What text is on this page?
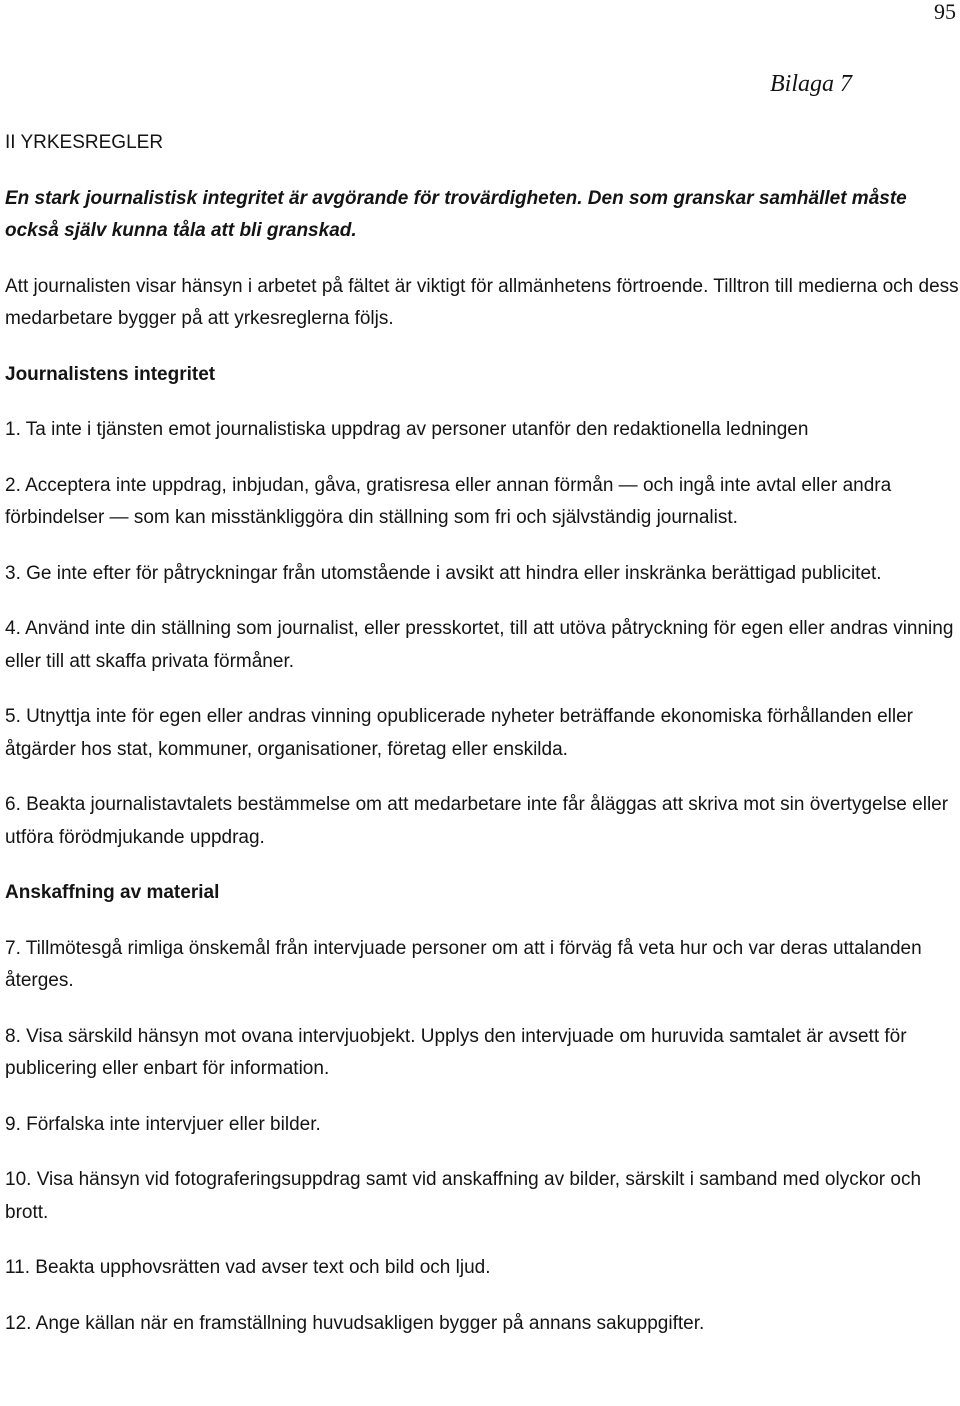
95
Bilaga 7
II YRKESREGLER

En stark journalistisk integritet är avgörande för trovärdigheten. Den som granskar samhället måste också själv kunna tåla att bli granskad.

Att journalisten visar hänsyn i arbetet på fältet är viktigt för allmänhetens förtroende. Tilltron till medierna och dess medarbetare bygger på att yrkesreglerna följs.

Journalistens integritet

1. Ta inte i tjänsten emot journalistiska uppdrag av personer utanför den redaktionella ledningen

2. Acceptera inte uppdrag, inbjudan, gåva, gratisresa eller annan förmån — och ingå inte avtal eller andra förbindelser — som kan misstänkliggöra din ställning som fri och självständig journalist.

3. Ge inte efter för påtryckningar från utomstående i avsikt att hindra eller inskränka berättigad publicitet.

4. Använd inte din ställning som journalist, eller presskortet, till att utöva påtryckning för egen eller andras vinning eller till att skaffa privata förmåner.

5. Utnyttja inte för egen eller andras vinning opublicerade nyheter beträffande ekonomiska förhållanden eller åtgärder hos stat, kommuner, organisationer, företag eller enskilda.

6. Beakta journalistavtalets bestämmelse om att medarbetare inte får åläggas att skriva mot sin övertygelse eller utföra förödmjukande uppdrag.

Anskaffning av material

7. Tillmötesgå rimliga önskemål från intervjuade personer om att i förväg få veta hur och var deras uttalanden återges.

8. Visa särskild hänsyn mot ovana intervjuobjekt. Upplys den intervjuade om huruvida samtalet är avsett för publicering eller enbart för information.

9. Förfalska inte intervjuer eller bilder.

10. Visa hänsyn vid fotograferingsuppdrag samt vid anskaffning av bilder, särskilt i samband med olyckor och brott.

11. Beakta upphovsrätten vad avser text och bild och ljud.

12. Ange källan när en framställning huvudsakligen bygger på annans sakuppgifter.
